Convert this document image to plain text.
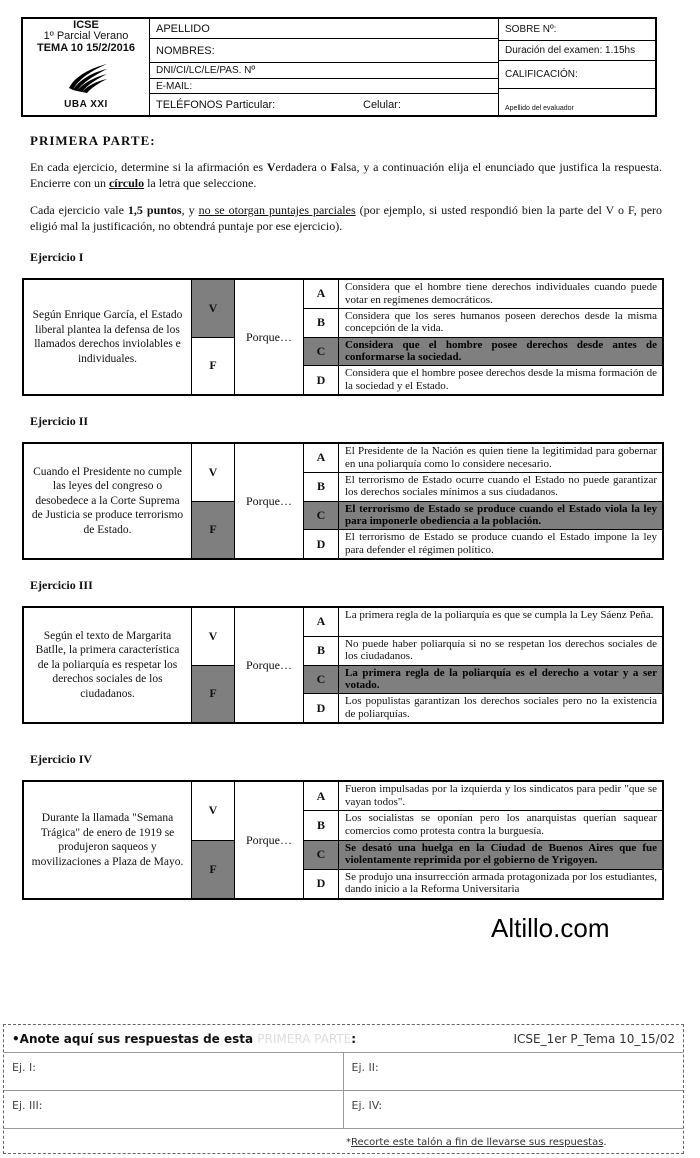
ICSE
1º Parcial Verano
TEMA 10 15/2/2016
UBA XXI
APELLIDO
NOMBRES:
DNI/CI/LC/LE/PAS. Nº
E-MAIL:
TELÉFONOS Particular:	Celular:
SOBRE Nº:
Duración del examen: 1.15hs
CALIFICACIÓN:
Apellido del evaluador
PRIMERA PARTE:
En cada ejercicio, determine si la afirmación es Verdadera o Falsa, y a continuación elija el enunciado que justifica la respuesta. Encierre con un círculo la letra que seleccione.
Cada ejercicio vale 1,5 puntos, y no se otorgan puntajes parciales (por ejemplo, si usted respondió bien la parte del V o F, pero eligió mal la justificación, no obtendrá puntaje por ese ejercicio).
Ejercicio I
Según Enrique García, el Estado liberal plantea la defensa de los llamados derechos inviolables e individuales.
V
F
Porque…
A	Considera que el hombre tiene derechos individuales cuando puede votar en regímenes democráticos.
B	Considera que los seres humanos poseen derechos desde la misma concepción de la vida.
C	Considera que el hombre posee derechos desde antes de conformarse la sociedad.
D	Considera que el hombre posee derechos desde la misma formación de la sociedad y el Estado.
Ejercicio II
Cuando el Presidente no cumple las leyes del congreso o desobedece a la Corte Suprema de Justicia se produce terrorismo de Estado.
V
F
Porque…
A	El Presidente de la Nación es quien tiene la legitimidad para gobernar en una poliarquía como lo considere necesario.
B	El terrorismo de Estado ocurre cuando el Estado no puede garantizar los derechos sociales mínimos a sus ciudadanos.
C	El terrorismo de Estado se produce cuando el Estado viola la ley para imponerle obediencia a la población.
D	El terrorismo de Estado se produce cuando el Estado impone la ley para defender el régimen político.
Ejercicio III
Según el texto de Margarita Batlle, la primera característica de la poliarquía es respetar los derechos sociales de los ciudadanos.
V
F
Porque…
A	La primera regla de la poliarquía es que se cumpla la Ley Sáenz Peña.
B	No puede haber poliarquía si no se respetan los derechos sociales de los ciudadanos.
C	La primera regla de la poliarquía es el derecho a votar y a ser votado.
D	Los populistas garantizan los derechos sociales pero no la existencia de poliarquías.
Ejercicio IV
Durante la llamada "Semana Trágica" de enero de 1919 se produjeron saqueos y movilizaciones a Plaza de Mayo.
V
F
Porque…
A	Fueron impulsadas por la izquierda y los sindicatos para pedir "que se vayan todos".
B	Los socialistas se oponían pero los anarquistas querían saquear comercios como protesta contra la burguesía.
C	Se desató una huelga en la Ciudad de Buenos Aires que fue violentamente reprimida por el gobierno de Yrigoyen.
D	Se produjo una insurrección armada protagonizada por los estudiantes, dando inicio a la Reforma Universitaria
Altillo.com
•Anote aquí sus respuestas de esta PRIMERA PARTE:	ICSE_1er P_Tema 10_15/02
Ej. I:	Ej. II:
Ej. III:	Ej. IV:
*Recorte este talón a fin de llevarse sus respuestas.
